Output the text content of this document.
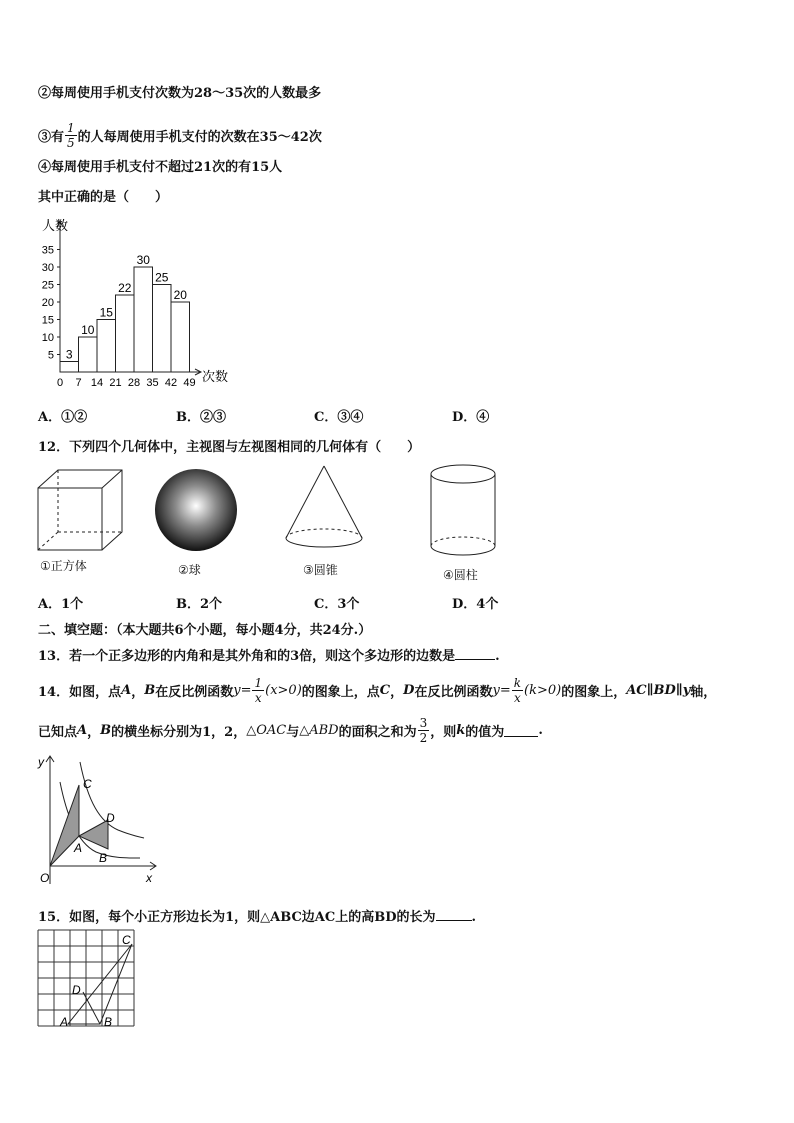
②每周使用手机支付次数为28～35次的人数最多
③有 $\frac{1}{5}$ 的人每周使用手机支付的次数在35～42次
④每周使用手机支付不超过21次的有15人
其中正确的是（　　）
人数
次数
5
10
15
20
25
30
35
0 7 14 21 28 35 42 49
3
10
15
22
30
25
20
A．①②	B．②③	C．③④	D．④
12．下列四个几何体中，主视图与左视图相同的几何体有（　　）
①正方体	②球	③圆锥	④圆柱
A．1个	B．2个	C．3个	D．4个
二、填空题：（本大题共6个小题，每小题4分，共24分.）
13．若一个正多边形的内角和是其外角和的3倍，则这个多边形的边数是	.
14．如图，点 A ， B 在反比例函数 $y = \frac{1}{x} (x>0)$ 的图象上，点 C ， D 在反比例函数 $y = \frac{k}{x} (k>0)$ 的图象上， AC ∥ BD ∥ y 轴，
已知点 A ， B 的横坐标分别为1，2， △OAC 与 △ABD 的面积之和为 $\frac{3}{2}$ ，则 k 的值为	.
y
x
O
C
D
A
B
15．如图，每个小正方形边长为1，则△ABC边AC上的高BD的长为	.
A	B
C
D
